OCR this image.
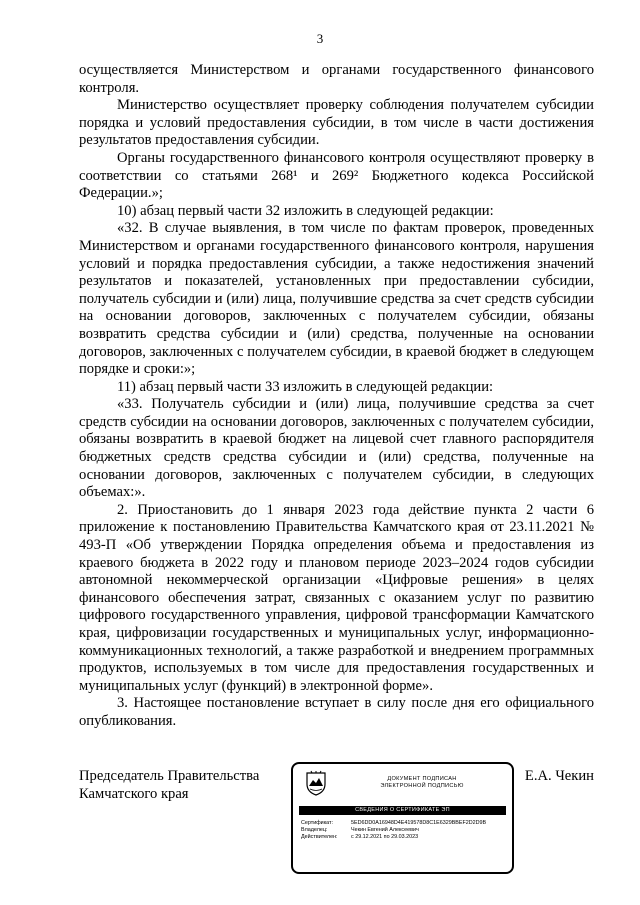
3

осуществляется Министерством и органами государственного финансового контроля.

Министерство осуществляет проверку соблюдения получателем субсидии порядка и условий предоставления субсидии, в том числе в части достижения результатов предоставления субсидии.

Органы государственного финансового контроля осуществляют проверку в соответствии со статьями 268¹ и 269² Бюджетного кодекса Российской Федерации.»;

10) абзац первый части 32 изложить в следующей редакции:

«32. В случае выявления, в том числе по фактам проверок, проведенных Министерством и органами государственного финансового контроля, нарушения условий и порядка предоставления субсидии, а также недостижения значений результатов и показателей, установленных при предоставлении субсидии, получатель субсидии и (или) лица, получившие средства за счет средств субсидии на основании договоров, заключенных с получателем субсидии, обязаны возвратить средства субсидии и (или) средства, полученные на основании договоров, заключенных с получателем субсидии, в краевой бюджет в следующем порядке и сроки:»;

11) абзац первый части 33 изложить в следующей редакции:

«33. Получатель субсидии и (или) лица, получившие средства за счет средств субсидии на основании договоров, заключенных с получателем субсидии, обязаны возвратить в краевой бюджет на лицевой счет главного распорядителя бюджетных средств средства субсидии и (или) средства, полученные на основании договоров, заключенных с получателем субсидии, в следующих объемах:».

2. Приостановить до 1 января 2023 года действие пункта 2 части 6 приложение к постановлению Правительства Камчатского края от 23.11.2021 № 493-П «Об утверждении Порядка определения объема и предоставления из краевого бюджета в 2022 году и плановом периоде 2023–2024 годов субсидии автономной некоммерческой организации «Цифровые решения» в целях финансового обеспечения затрат, связанных с оказанием услуг по развитию цифрового государственного управления, цифровой трансформации Камчатского края, цифровизации государственных и муниципальных услуг, информационно-коммуникационных технологий, а также разработкой и внедрением программных продуктов, используемых в том числе для предоставления государственных и муниципальных услуг (функций) в электронной форме».

3. Настоящее постановление вступает в силу после дня его официального опубликования.

Председатель Правительства
Камчатского края
Е.А. Чекин
ДОКУМЕНТ ПОДПИСАН
ЭЛЕКТРОННОЙ ПОДПИСЬЮ
СВЕДЕНИЯ О СЕРТИФИКАТЕ ЭП
Сертификат:	5ED6DD0A16948D4E419578D8C1E6329BBEF2D2D9B
Владелец:	Чекин Евгений Алексеевич
Действителен:	с 29.12.2021 по 29.03.2023
